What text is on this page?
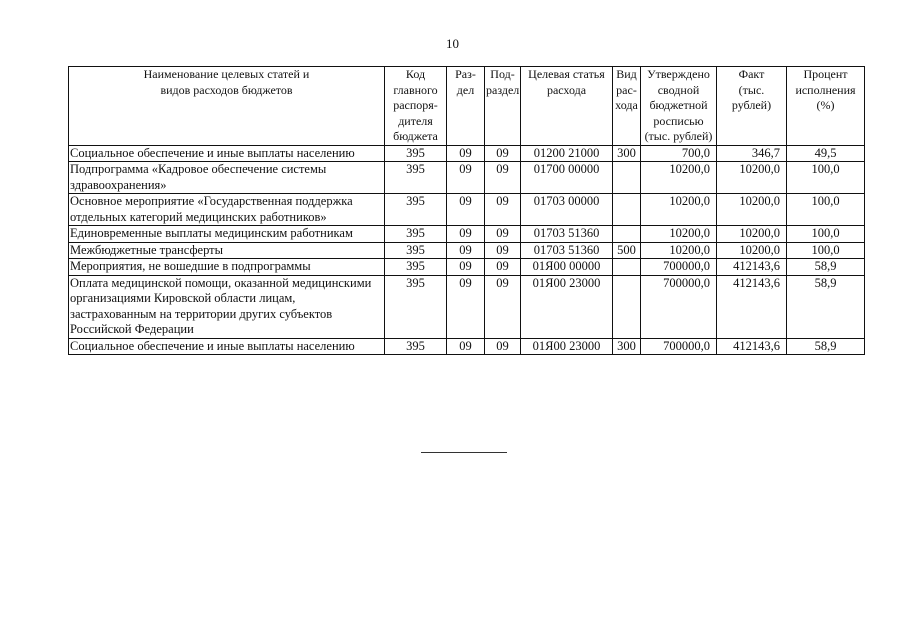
10
Наименование целевых статей и
видов расходов бюджетов	Код
главного
распоря-
дителя
бюджета	Раз-
дел	Под-
раздел	Целевая статья
расхода	Вид
рас-
хода	Утверждено
сводной
бюджетной
росписью
(тыс. рублей)	Факт
(тыс.
рублей)	Процент
исполнения
(%)
Социальное обеспечение и иные выплаты населению	395	09	09	01200 21000	300	700,0	346,7	49,5
Подпрограмма «Кадровое обеспечение системы здравоохранения»	395	09	09	01700 00000		10200,0	10200,0	100,0
Основное мероприятие «Государственная поддержка отдельных категорий медицинских работников»	395	09	09	01703 00000		10200,0	10200,0	100,0
Единовременные выплаты медицинским работникам	395	09	09	01703 51360		10200,0	10200,0	100,0
Межбюджетные трансферты	395	09	09	01703 51360	500	10200,0	10200,0	100,0
Мероприятия, не вошедшие в подпрограммы	395	09	09	01Я00 00000		700000,0	412143,6	58,9
Оплата медицинской помощи, оказанной медицинскими организациями Кировской области лицам, застрахованным на территории других субъектов Российской Федерации	395	09	09	01Я00 23000		700000,0	412143,6	58,9
Социальное обеспечение и иные выплаты населению	395	09	09	01Я00 23000	300	700000,0	412143,6	58,9
